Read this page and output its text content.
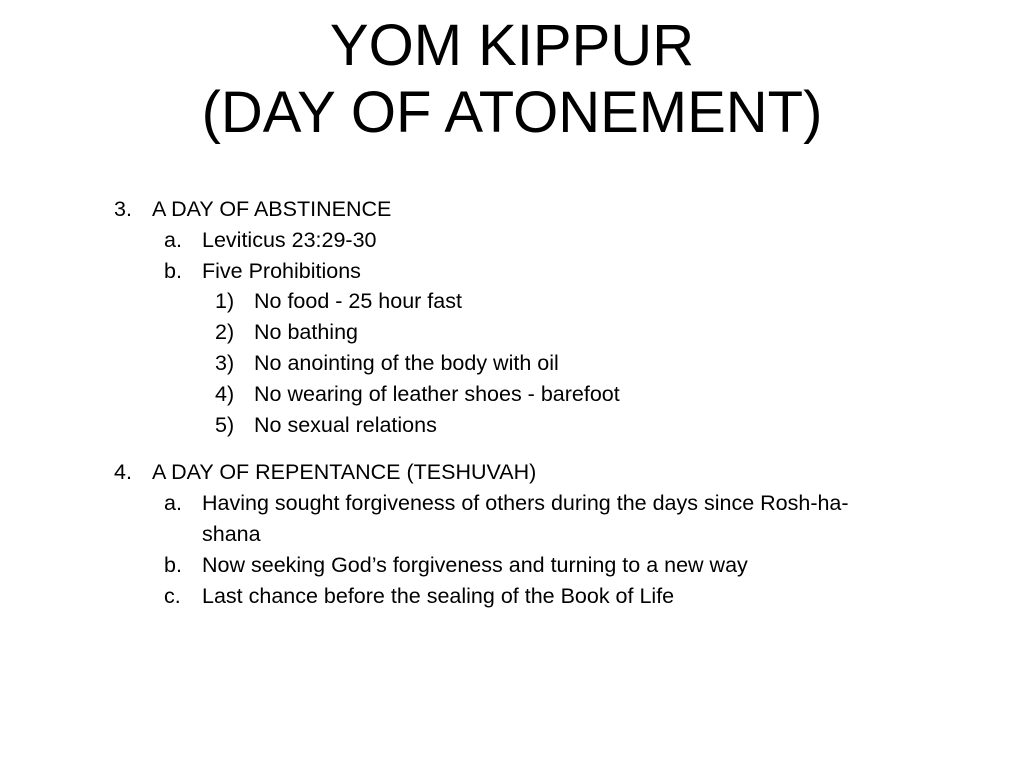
YOM KIPPUR
(DAY OF ATONEMENT)
3. A DAY OF ABSTINENCE
a. Leviticus 23:29-30
b. Five Prohibitions
1) No food - 25 hour fast
2) No bathing
3) No anointing of the body with oil
4) No wearing of leather shoes - barefoot
5) No sexual relations
4. A DAY OF REPENTANCE (TESHUVAH)
a. Having sought forgiveness of others during the days since Rosh-ha-
shana
b. Now seeking God’s forgiveness and turning to a new way
c. Last chance before the sealing of the Book of Life
